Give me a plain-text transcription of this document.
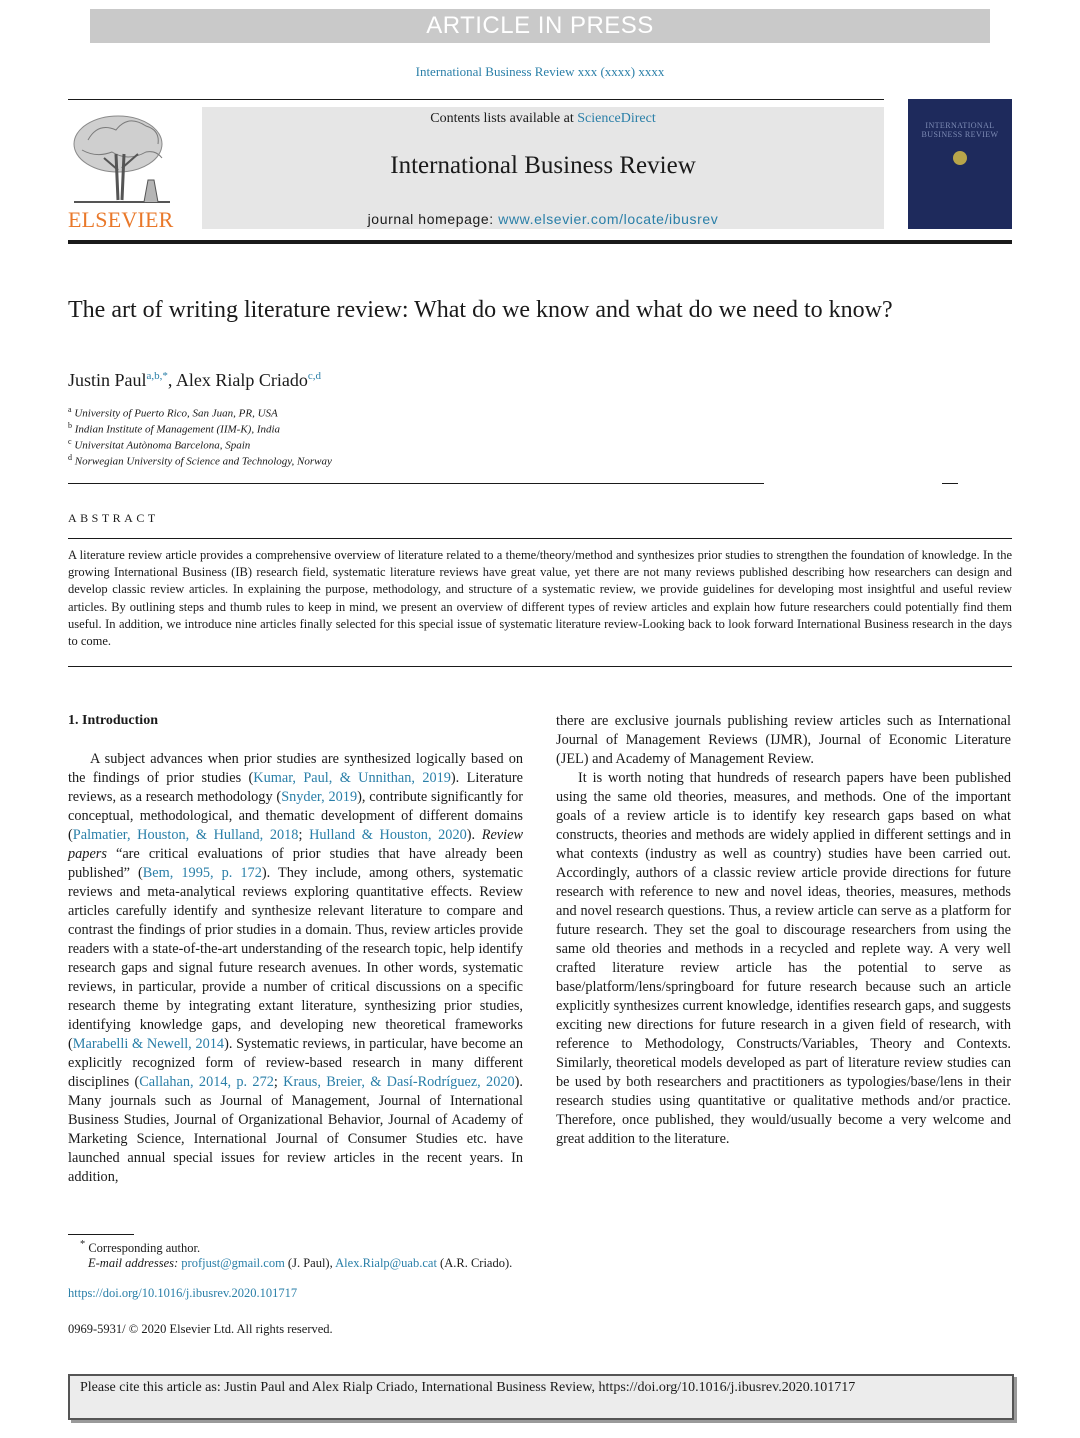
ARTICLE IN PRESS
International Business Review xxx (xxxx) xxxx
ELSEVIER
Contents lists available at ScienceDirect
International Business Review
journal homepage: www.elsevier.com/locate/ibusrev
INTERNATIONAL BUSINESS REVIEW
The art of writing literature review: What do we know and what do we need to know?
Justin Paul$^{a,b,*}$, Alex Rialp Criado$^{c,d}$
$^a$ University of Puerto Rico, San Juan, PR, USA
$^b$ Indian Institute of Management (IIM-K), India
$^c$ Universitat Autònoma Barcelona, Spain
$^d$ Norwegian University of Science and Technology, Norway
ABSTRACT
A literature review article provides a comprehensive overview of literature related to a theme/theory/method and synthesizes prior studies to strengthen the foundation of knowledge. In the growing International Business (IB) research field, systematic literature reviews have great value, yet there are not many reviews published describing how researchers can design and develop classic review articles. In explaining the purpose, methodology, and structure of a systematic review, we provide guidelines for developing most insightful and useful review articles. By outlining steps and thumb rules to keep in mind, we present an overview of different types of review articles and explain how future researchers could potentially find them useful. In addition, we introduce nine articles finally selected for this special issue of systematic literature review-Looking back to look forward International Business research in the days to come.
1. Introduction

A subject advances when prior studies are synthesized logically based on the findings of prior studies (Kumar, Paul, & Unnithan, 2019). Literature reviews, as a research methodology (Snyder, 2019), contribute significantly for conceptual, methodological, and thematic development of different domains (Palmatier, Houston, & Hulland, 2018; Hulland & Houston, 2020). Review papers “are critical evaluations of prior studies that have already been published” (Bem, 1995, p. 172). They include, among others, systematic reviews and meta-analytical reviews exploring quantitative effects. Review articles carefully identify and synthesize relevant literature to compare and contrast the findings of prior studies in a domain. Thus, review articles provide readers with a state-of-the-art understanding of the research topic, help identify research gaps and signal future research avenues. In other words, systematic reviews, in particular, provide a number of critical discussions on a specific research theme by integrating extant literature, synthesizing prior studies, identifying knowledge gaps, and developing new theoretical frameworks (Marabelli & Newell, 2014). Systematic reviews, in particular, have become an explicitly recognized form of review-based research in many different disciplines (Callahan, 2014, p. 272; Kraus, Breier, & Dasí-Rodríguez, 2020). Many journals such as Journal of Management, Journal of International Business Studies, Journal of Organizational Behavior, Journal of Academy of Marketing Science, International Journal of Consumer Studies etc. have launched annual special issues for review articles in the recent years. In addition,

there are exclusive journals publishing review articles such as International Journal of Management Reviews (IJMR), Journal of Economic Literature (JEL) and Academy of Management Review.

It is worth noting that hundreds of research papers have been published using the same old theories, measures, and methods. One of the important goals of a review article is to identify key research gaps based on what constructs, theories and methods are widely applied in different settings and in what contexts (industry as well as country) studies have been carried out. Accordingly, authors of a classic review article provide directions for future research with reference to new and novel ideas, theories, measures, methods and novel research questions. Thus, a review article can serve as a platform for future research. They set the goal to discourage researchers from using the same old theories and methods in a recycled and replete way. A very well crafted literature review article has the potential to serve as base/platform/lens/springboard for future research because such an article explicitly synthesizes current knowledge, identifies research gaps, and suggests exciting new directions for future research in a given field of research, with reference to Methodology, Constructs/Variables, Theory and Contexts. Similarly, theoretical models developed as part of literature review studies can be used by both researchers and practitioners as typologies/base/lens in their research studies using quantitative or qualitative methods and/or practice. Therefore, once published, they would/usually become a very welcome and great addition to the literature.

* Corresponding author.
E-mail addresses: profjust@gmail.com (J. Paul), Alex.Rialp@uab.cat (A.R. Criado).
https://doi.org/10.1016/j.ibusrev.2020.101717
0969-5931/ © 2020 Elsevier Ltd. All rights reserved.
Please cite this article as: Justin Paul and Alex Rialp Criado, International Business Review, https://doi.org/10.1016/j.ibusrev.2020.101717
